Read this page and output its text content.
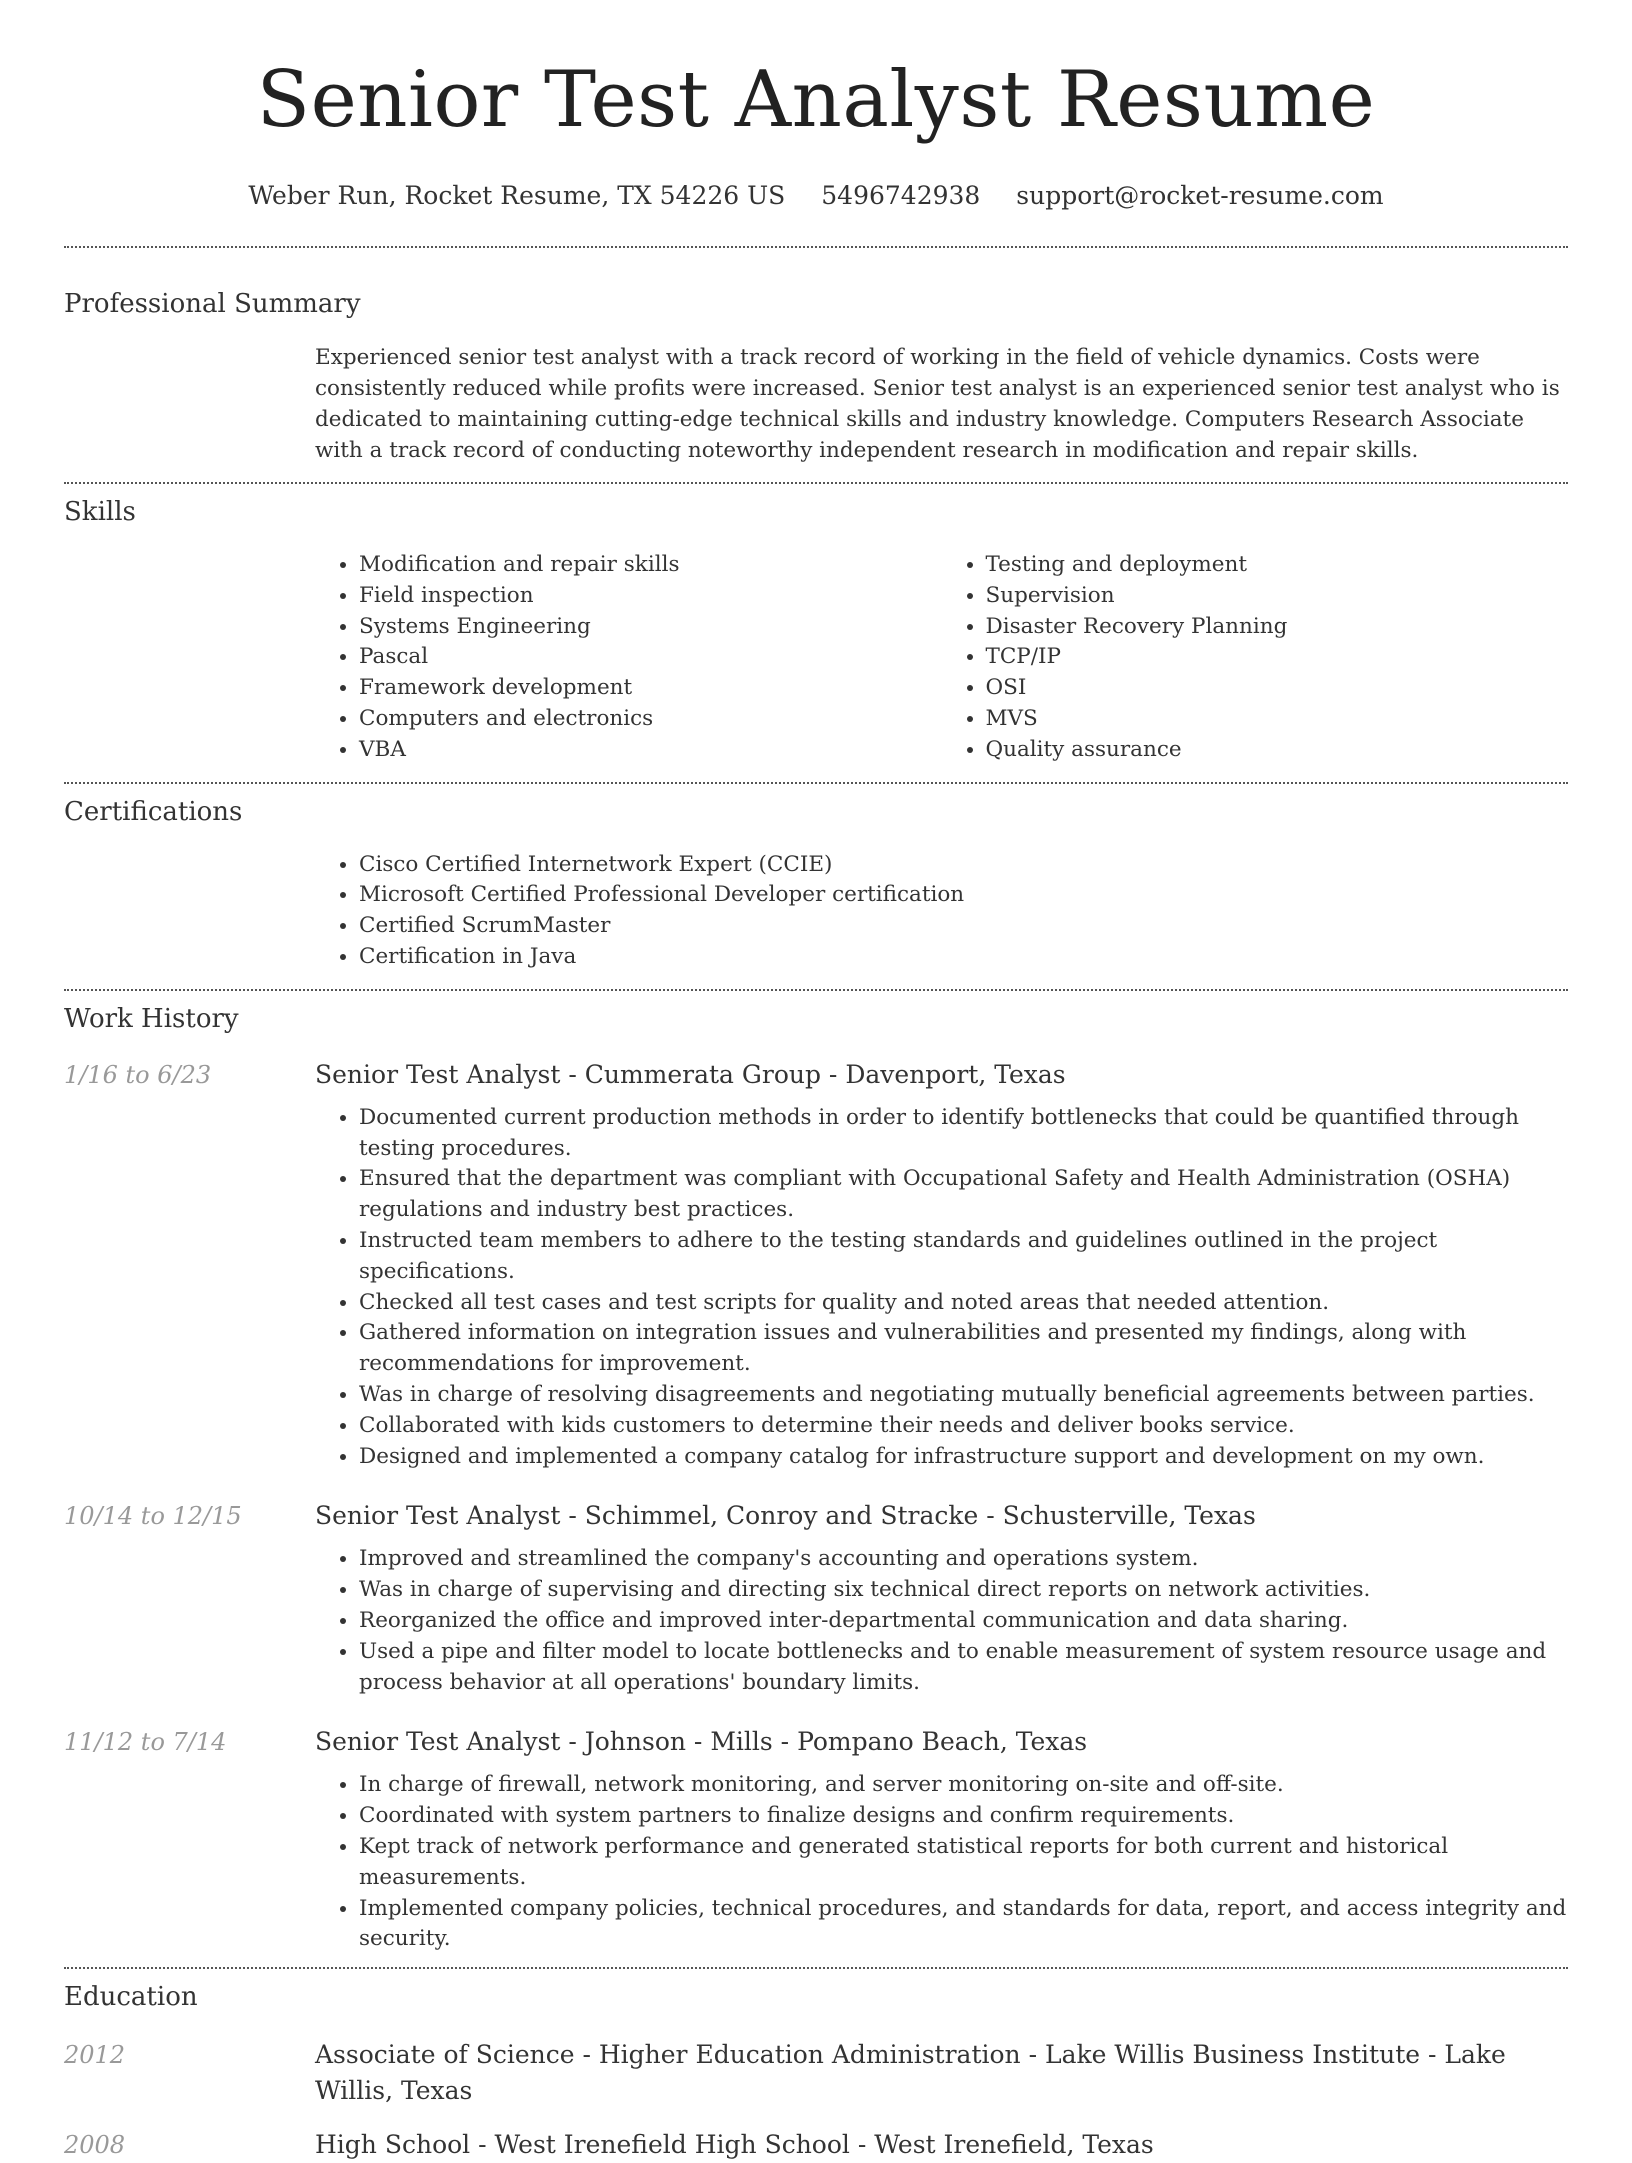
Senior Test Analyst Resume
Weber Run, Rocket Resume, TX 54226 US 5496742938 support@rocket-resume.com
Professional Summary

Experienced senior test analyst with a track record of working in the field of vehicle dynamics. Costs were consistently reduced while profits were increased. Senior test analyst is an experienced senior test analyst who is dedicated to maintaining cutting-edge technical skills and industry knowledge. Computers Research Associate with a track record of conducting noteworthy independent research in modification and repair skills.

Skills
• Modification and repair skills
• Field inspection
• Systems Engineering
• Pascal
• Framework development
• Computers and electronics
• VBA
• Testing and deployment
• Supervision
• Disaster Recovery Planning
• TCP/IP
• OSI
• MVS
• Quality assurance
Certifications
• Cisco Certified Internetwork Expert (CCIE)
• Microsoft Certified Professional Developer certification
• Certified ScrumMaster
• Certification in Java
Work History
1/16 to 6/23	Senior Test Analyst - Cummerata Group - Davenport, Texas
• Documented current production methods in order to identify bottlenecks that could be quantified through testing procedures.
• Ensured that the department was compliant with Occupational Safety and Health Administration (OSHA) regulations and industry best practices.
• Instructed team members to adhere to the testing standards and guidelines outlined in the project specifications.
• Checked all test cases and test scripts for quality and noted areas that needed attention.
• Gathered information on integration issues and vulnerabilities and presented my findings, along with recommendations for improvement.
• Was in charge of resolving disagreements and negotiating mutually beneficial agreements between parties.
• Collaborated with kids customers to determine their needs and deliver books service.
• Designed and implemented a company catalog for infrastructure support and development on my own.
10/14 to 12/15	Senior Test Analyst - Schimmel, Conroy and Stracke - Schusterville, Texas
• Improved and streamlined the company's accounting and operations system.
• Was in charge of supervising and directing six technical direct reports on network activities.
• Reorganized the office and improved inter-departmental communication and data sharing.
• Used a pipe and filter model to locate bottlenecks and to enable measurement of system resource usage and process behavior at all operations' boundary limits.
11/12 to 7/14	Senior Test Analyst - Johnson - Mills - Pompano Beach, Texas
• In charge of firewall, network monitoring, and server monitoring on-site and off-site.
• Coordinated with system partners to finalize designs and confirm requirements.
• Kept track of network performance and generated statistical reports for both current and historical measurements.
• Implemented company policies, technical procedures, and standards for data, report, and access integrity and security.
Education
2012	Associate of Science - Higher Education Administration - Lake Willis Business Institute - Lake Willis, Texas
2008	High School - West Irenefield High School - West Irenefield, Texas
